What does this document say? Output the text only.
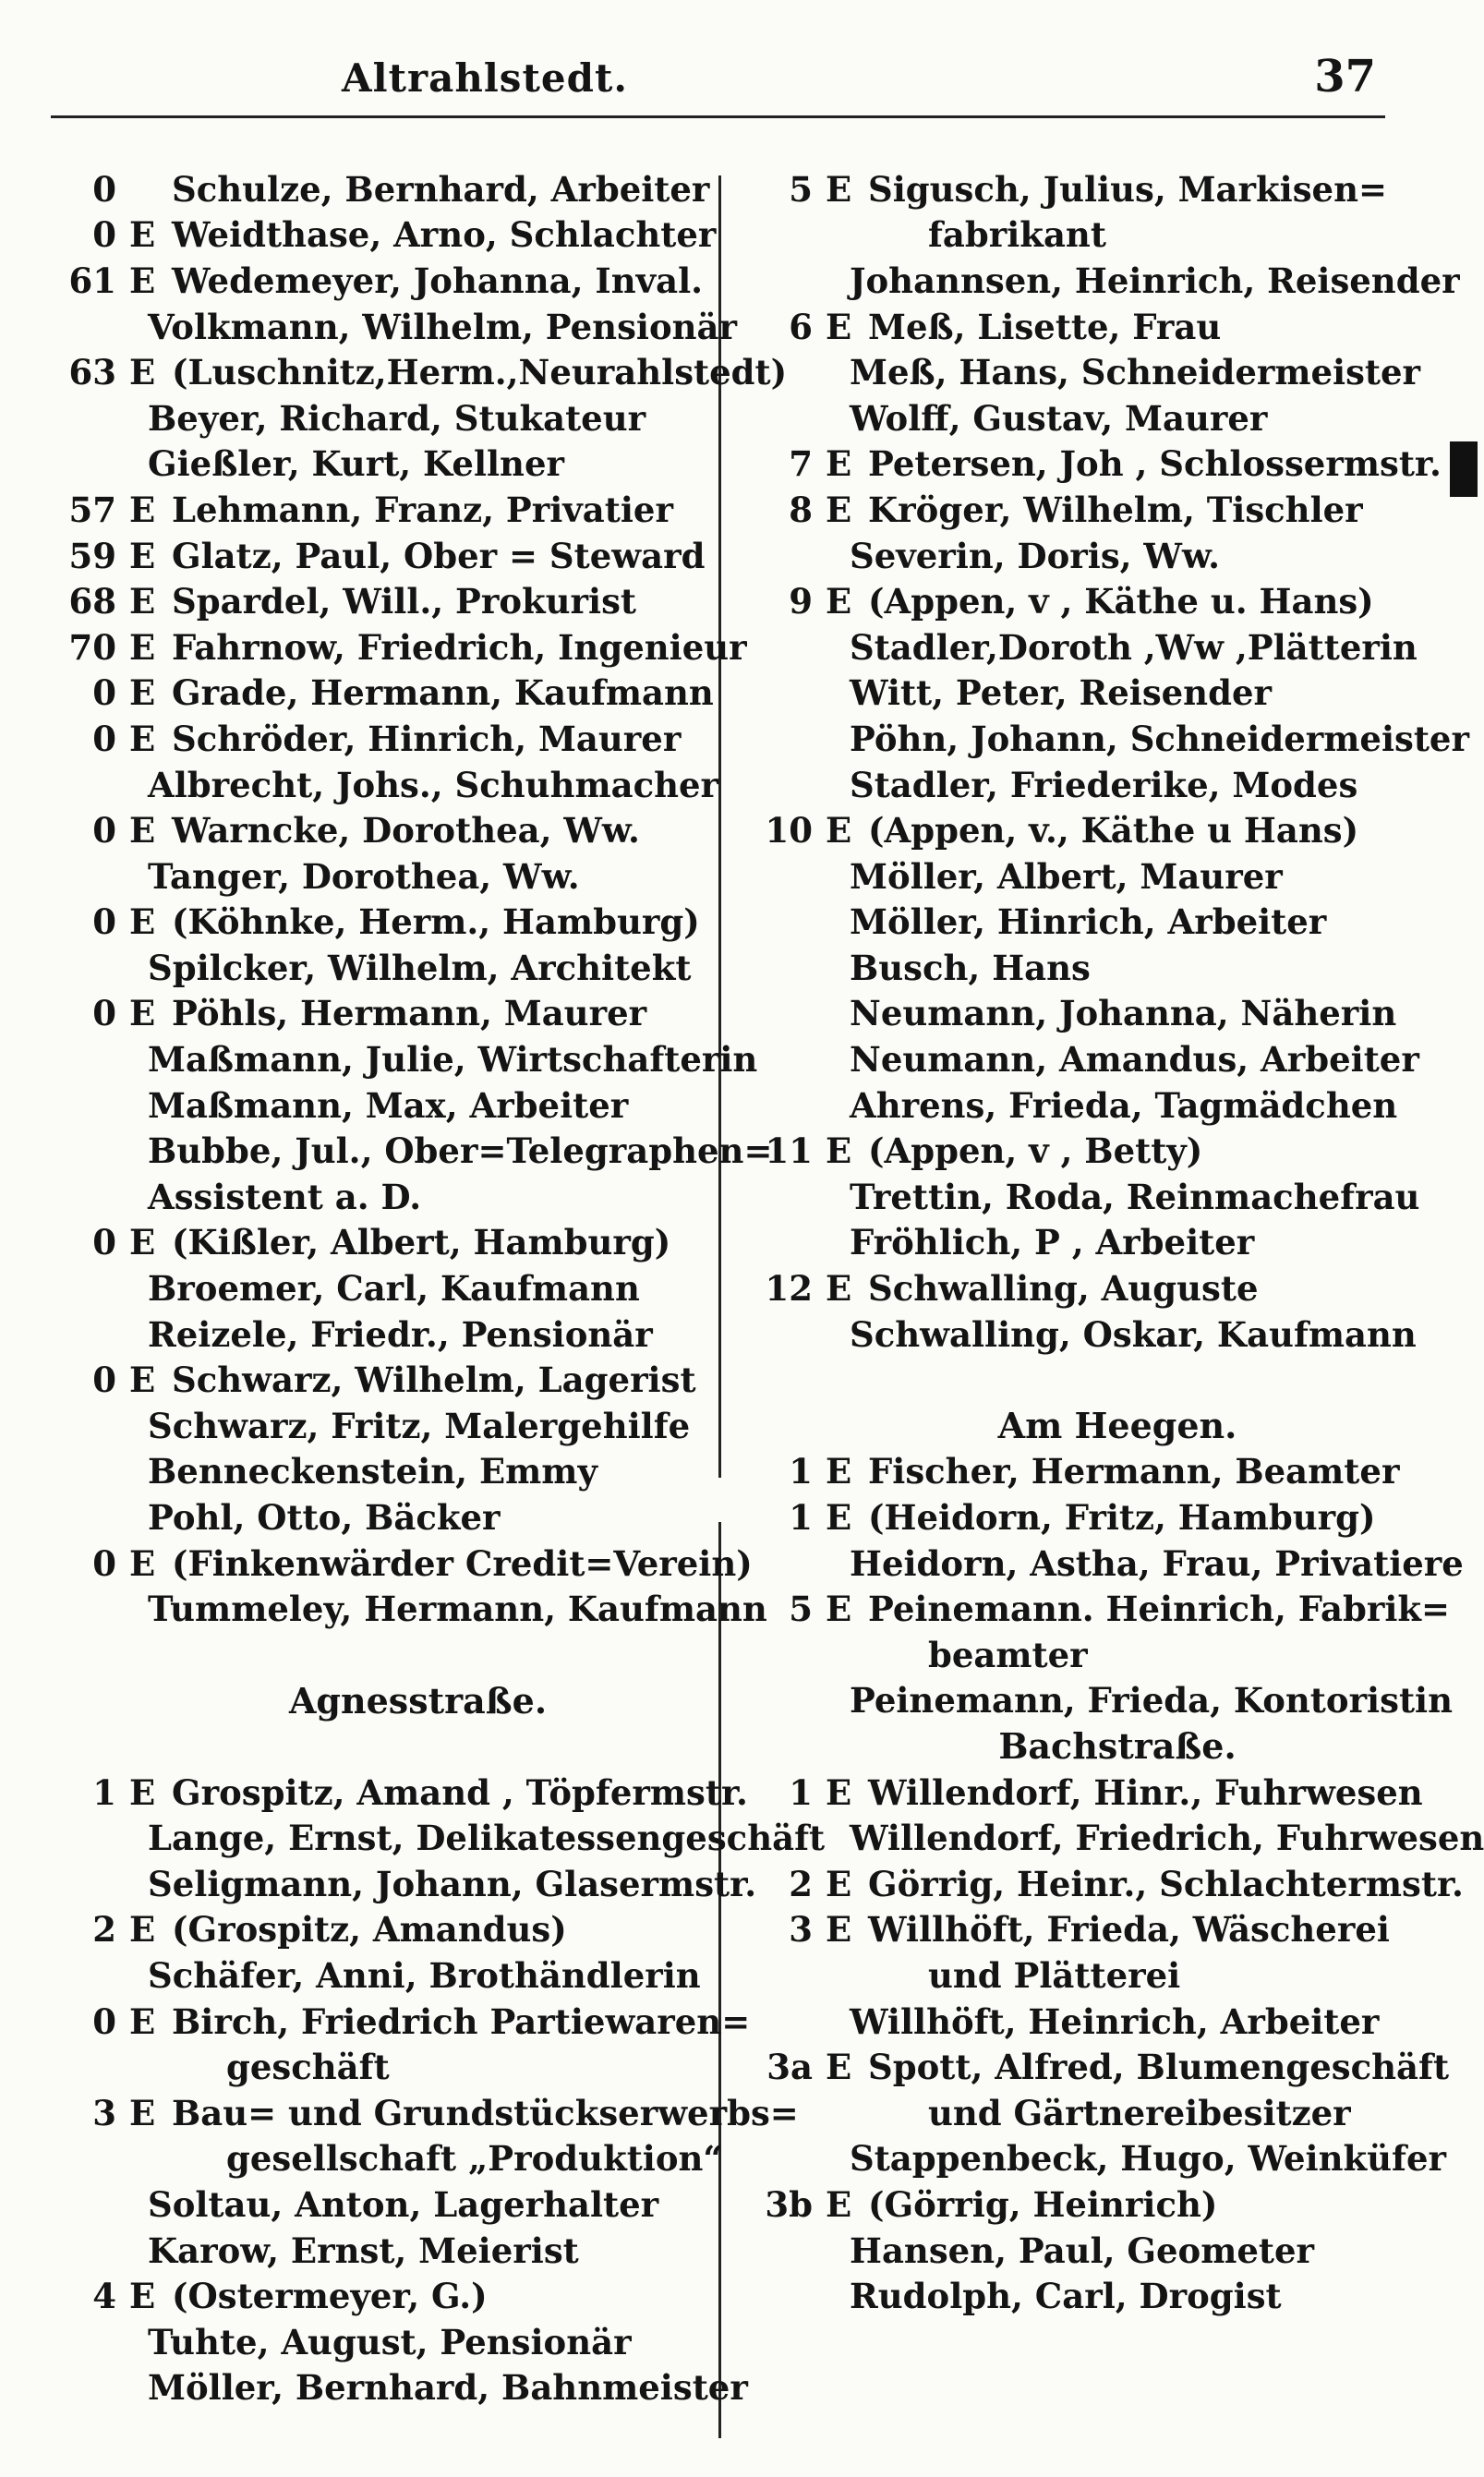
Altrahlstedt.	37
0 Schulze, Bernhard, Arbeiter
0 E Weidthase, Arno, Schlachter
61 E Wedemeyer, Johanna, Inval.
Volkmann, Wilhelm, Pensionär
63 E (Luschnitz,Herm.,Neurahlstedt)
Beyer, Richard, Stukateur
Gießler, Kurt, Kellner
57 E Lehmann, Franz, Privatier
59 E Glatz, Paul, Ober = Steward
68 E Spardel, Will., Prokurist
70 E Fahrnow, Friedrich, Ingenieur
0 E Grade, Hermann, Kaufmann
0 E Schröder, Hinrich, Maurer
Albrecht, Johs., Schuhmacher
0 E Warncke, Dorothea, Ww.
Tanger, Dorothea, Ww.
0 E (Köhnke, Herm., Hamburg)
Spilcker, Wilhelm, Architekt
0 E Pöhls, Hermann, Maurer
Maßmann, Julie, Wirtschafterin
Maßmann, Max, Arbeiter
Bubbe, Jul., Ober=Telegraphen=
Assistent a. D.
0 E (Kißler, Albert, Hamburg)
Broemer, Carl, Kaufmann
Reizele, Friedr., Pensionär
0 E Schwarz, Wilhelm, Lagerist
Schwarz, Fritz, Malergehilfe
Benneckenstein, Emmy
Pohl, Otto, Bäcker
0 E (Finkenwärder Credit=Verein)
Tummeley, Hermann, Kaufmann
Agnesstraße.
1 E Grospitz, Amand , Töpfermstr.
Lange, Ernst, Delikatessengeschäft
Seligmann, Johann, Glasermstr.
2 E (Grospitz, Amandus)
Schäfer, Anni, Brothändlerin
0 E Birch, Friedrich Partiewaren=
geschäft
3 E Bau= und Grundstückserwerbs=
gesellschaft „Produktion“
Soltau, Anton, Lagerhalter
Karow, Ernst, Meierist
4 E (Ostermeyer, G.)
Tuhte, August, Pensionär
Möller, Bernhard, Bahnmeister
5 E Sigusch, Julius, Markisen=
fabrikant
Johannsen, Heinrich, Reisender
6 E Meß, Lisette, Frau
Meß, Hans, Schneidermeister
Wolff, Gustav, Maurer
7 E Petersen, Joh , Schlossermstr.
8 E Kröger, Wilhelm, Tischler
Severin, Doris, Ww.
9 E (Appen, v , Käthe u. Hans)
Stadler,Doroth ,Ww ,Plätterin
Witt, Peter, Reisender
Pöhn, Johann, Schneidermeister
Stadler, Friederike, Modes
10 E (Appen, v., Käthe u Hans)
Möller, Albert, Maurer
Möller, Hinrich, Arbeiter
Busch, Hans
Neumann, Johanna, Näherin
Neumann, Amandus, Arbeiter
Ahrens, Frieda, Tagmädchen
11 E (Appen, v , Betty)
Trettin, Roda, Reinmachefrau
Fröhlich, P , Arbeiter
12 E Schwalling, Auguste
Schwalling, Oskar, Kaufmann
Am Heegen.
1 E Fischer, Hermann, Beamter
1 E (Heidorn, Fritz, Hamburg)
Heidorn, Astha, Frau, Privatiere
5 E Peinemann. Heinrich, Fabrik=
beamter
Peinemann, Frieda, Kontoristin
Bachstraße.
1 E Willendorf, Hinr., Fuhrwesen
Willendorf, Friedrich, Fuhrwesen
2 E Görrig, Heinr., Schlachtermstr.
3 E Willhöft, Frieda, Wäscherei
und Plätterei
Willhöft, Heinrich, Arbeiter
3a E Spott, Alfred, Blumengeschäft
und Gärtnereibesitzer
Stappenbeck, Hugo, Weinküfer
3b E (Görrig, Heinrich)
Hansen, Paul, Geometer
Rudolph, Carl, Drogist
